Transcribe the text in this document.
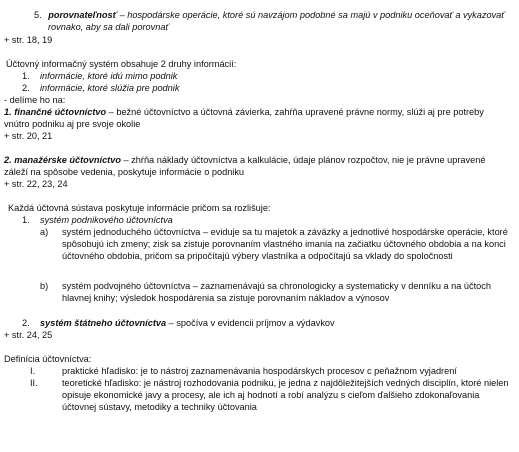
5. porovnateľnosť – hospodárske operácie, ktoré sú navzájom podobné sa majú v podniku oceňovať a vykazovať
rovnako, aby sa dali porovnať
+ str. 18, 19
Účtovný informačný systém obsahuje 2 druhy informácií:
1. informácie, ktoré idú mimo podnik
2. informácie, ktoré slúžia pre podnik
- delíme ho na:
1. finančné účtovníctvo – bežné účtovníctvo a účtovná závierka, zahŕňa upravené právne normy, slúži aj pre potreby
vnútro podniku aj pre svoje okolie
+ str. 20, 21
2. manažérske účtovníctvo – zhŕňa náklady účtovníctva a kalkulácie, údaje plánov rozpočtov, nie je právne upravené
záleží na spôsobe vedenia, poskytuje informácie o podniku
+ str. 22, 23, 24
Každá účtovná sústava poskytuje informácie pričom sa rozlišuje:
1. systém podnikového účtovníctva
a) systém jednoduchého účtovníctva – eviduje sa tu majetok a záväzky a jednotlivé hospodárske operácie, ktoré
spôsobujú ich zmeny; zisk sa zistuje porovnaním vlastného imania na začiatku účtovného obdobia a na konci
účtovného obdobia, pričom sa pripočítajú výbery vlastníka a odpočítajú sa vklady do spoločnosti
b) systém podvojného účtovníctva – zaznamenávajú sa chronologicky a systematicky v denníku a na účtoch
hlavnej knihy; výsledok hospodárenia sa zistuje porovnaním nákladov a výnosov
2. systém štátneho účtovníctva – spočíva v evidencii príjmov a výdavkov
+ str. 24, 25
Definícia účtovníctva:
I.	praktické hľadisko: je to nástroj zaznamenávania hospodárskych procesov c peňažnom vyjadrení
II.	teoretické hľadisko: je nástroj rozhodovania podniku, je jedna z najdôležitejších vedných disciplín, ktoré nielen
opisuje ekonomické javy a procesy, ale ich aj hodnotí a robí analýzu s cieľom ďalšieho zdokonaľovania
účtovnej sústavy, metodiky a techniky účtovania
